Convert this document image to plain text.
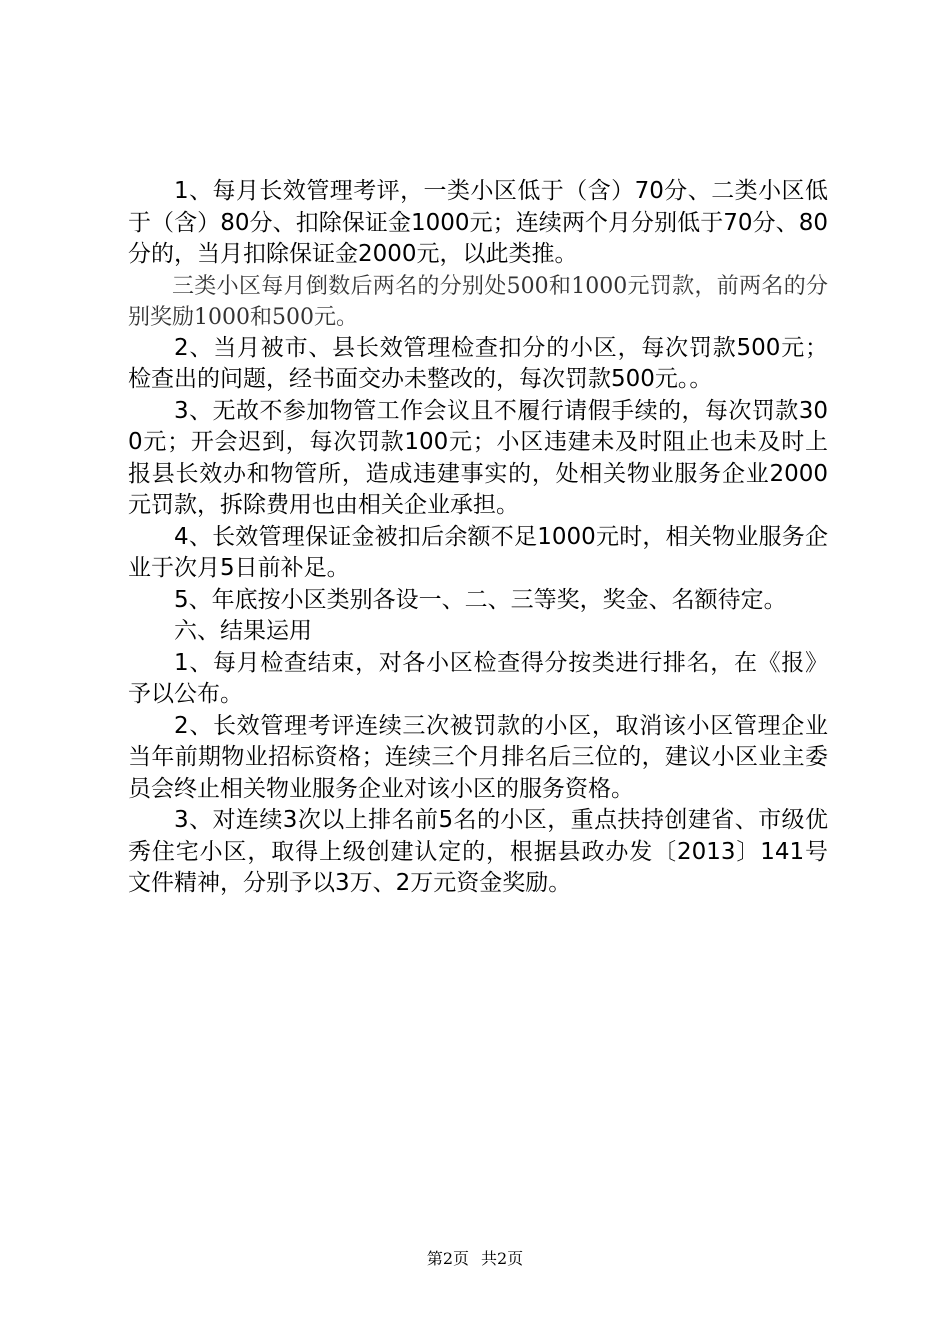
1、每月长效管理考评，一类小区低于（含）70分、二类小区低于（含）80分、扣除保证金1000元；连续两个月分别低于70分、80分的，当月扣除保证金2000元，以此类推。

三类小区每月倒数后两名的分别处500和1000元罚款，前两名的分别奖励1000和500元。

2、当月被市、县长效管理检查扣分的小区，每次罚款500元；检查出的问题，经书面交办未整改的，每次罚款500元。。

3、无故不参加物管工作会议且不履行请假手续的，每次罚款300元；开会迟到，每次罚款100元；小区违建未及时阻止也未及时上报县长效办和物管所，造成违建事实的，处相关物业服务企业2000元罚款，拆除费用也由相关企业承担。

4、长效管理保证金被扣后余额不足1000元时，相关物业服务企业于次月5日前补足。

5、年底按小区类别各设一、二、三等奖，奖金、名额待定。

六、结果运用

1、每月检查结束，对各小区检查得分按类进行排名，在《报》予以公布。

2、长效管理考评连续三次被罚款的小区，取消该小区管理企业当年前期物业招标资格；连续三个月排名后三位的，建议小区业主委员会终止相关物业服务企业对该小区的服务资格。

3、对连续3次以上排名前5名的小区，重点扶持创建省、市级优秀住宅小区，取得上级创建认定的，根据县政办发〔2013〕141号文件精神，分别予以3万、2万元资金奖励。

第2页 共2页
